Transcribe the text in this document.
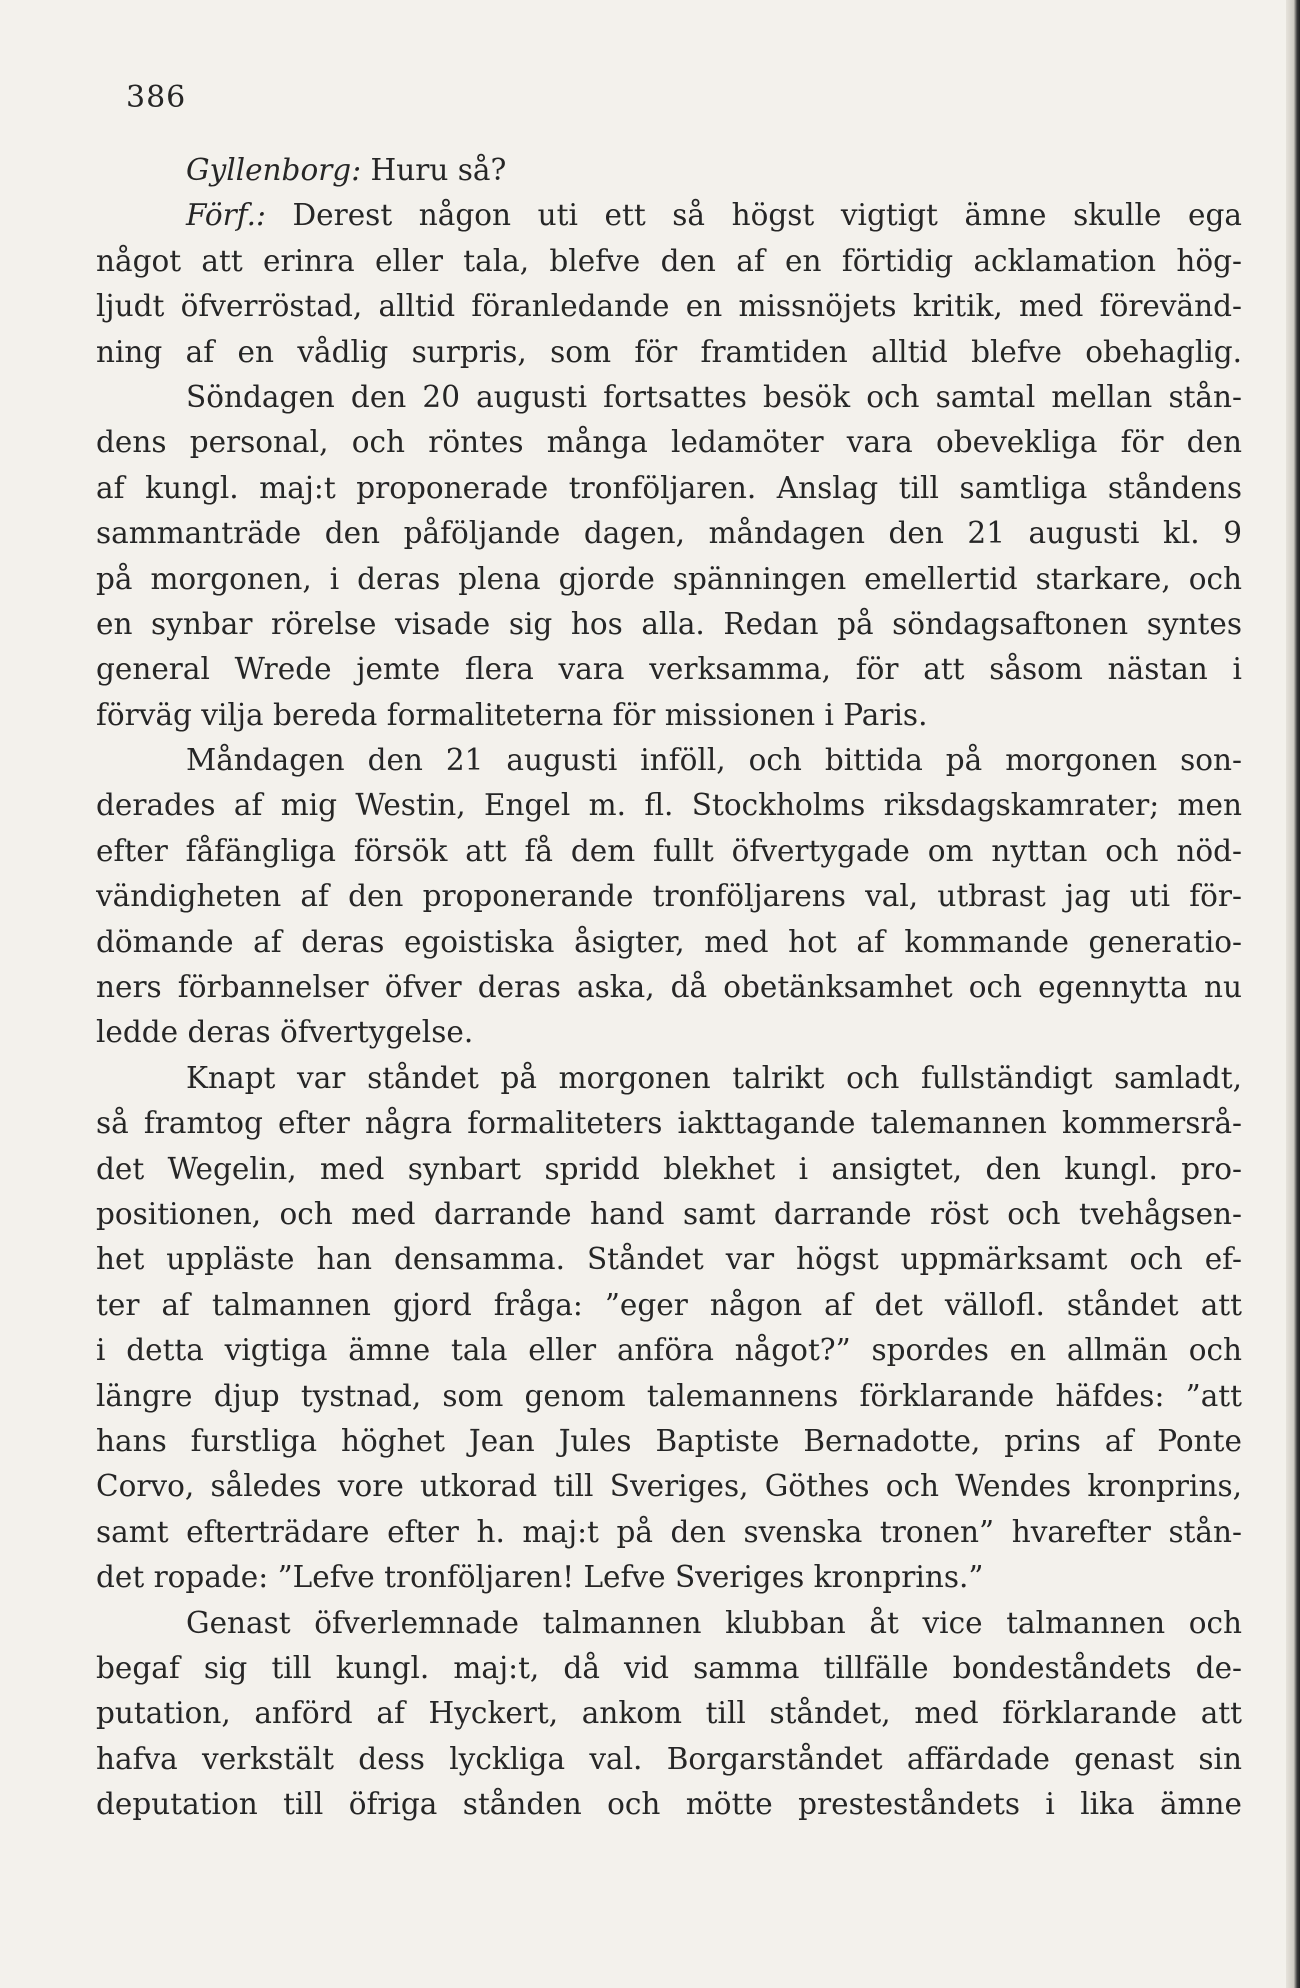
386
Gyllenborg: Huru så?
Förf.: Derest någon uti ett så högst vigtigt ämne skulle ega
något att erinra eller tala, blefve den af en förtidig acklamation hög-
ljudt öfverröstad, alltid föranledande en missnöjets kritik, med förevänd-
ning af en vådlig surpris, som för framtiden alltid blefve obehaglig.
Söndagen den 20 augusti fortsattes besök och samtal mellan stån-
dens personal, och röntes många ledamöter vara obevekliga för den
af kungl. maj:t proponerade tronföljaren. Anslag till samtliga ståndens
sammanträde den påföljande dagen, måndagen den 21 augusti kl. 9
på morgonen, i deras plena gjorde spänningen emellertid starkare, och
en synbar rörelse visade sig hos alla. Redan på söndagsaftonen syntes
general Wrede jemte flera vara verksamma, för att såsom nästan i
förväg vilja bereda formaliteterna för missionen i Paris.
Måndagen den 21 augusti inföll, och bittida på morgonen son-
derades af mig Westin, Engel m. fl. Stockholms riksdagskamrater; men
efter fåfängliga försök att få dem fullt öfvertygade om nyttan och nöd-
vändigheten af den proponerande tronföljarens val, utbrast jag uti för-
dömande af deras egoistiska åsigter, med hot af kommande generatio-
ners förbannelser öfver deras aska, då obetänksamhet och egennytta nu
ledde deras öfvertygelse.
Knapt var ståndet på morgonen talrikt och fullständigt samladt,
så framtog efter några formaliteters iakttagande talemannen kommersrå-
det Wegelin, med synbart spridd blekhet i ansigtet, den kungl. pro-
positionen, och med darrande hand samt darrande röst och tvehågsen-
het uppläste han densamma. Ståndet var högst uppmärksamt och ef-
ter af talmannen gjord fråga: ”eger någon af det vällofl. ståndet att
i detta vigtiga ämne tala eller anföra något?” spordes en allmän och
längre djup tystnad, som genom talemannens förklarande häfdes: ”att
hans furstliga höghet Jean Jules Baptiste Bernadotte, prins af Ponte
Corvo, således vore utkorad till Sveriges, Göthes och Wendes kronprins,
samt efterträdare efter h. maj:t på den svenska tronen” hvarefter stån-
det ropade: ”Lefve tronföljaren! Lefve Sveriges kronprins.”
Genast öfverlemnade talmannen klubban åt vice talmannen och
begaf sig till kungl. maj:t, då vid samma tillfälle bondeståndets de-
putation, anförd af Hyckert, ankom till ståndet, med förklarande att
hafva verkstält dess lyckliga val. Borgarståndet affärdade genast sin
deputation till öfriga stånden och mötte presteståndets i lika ämne
